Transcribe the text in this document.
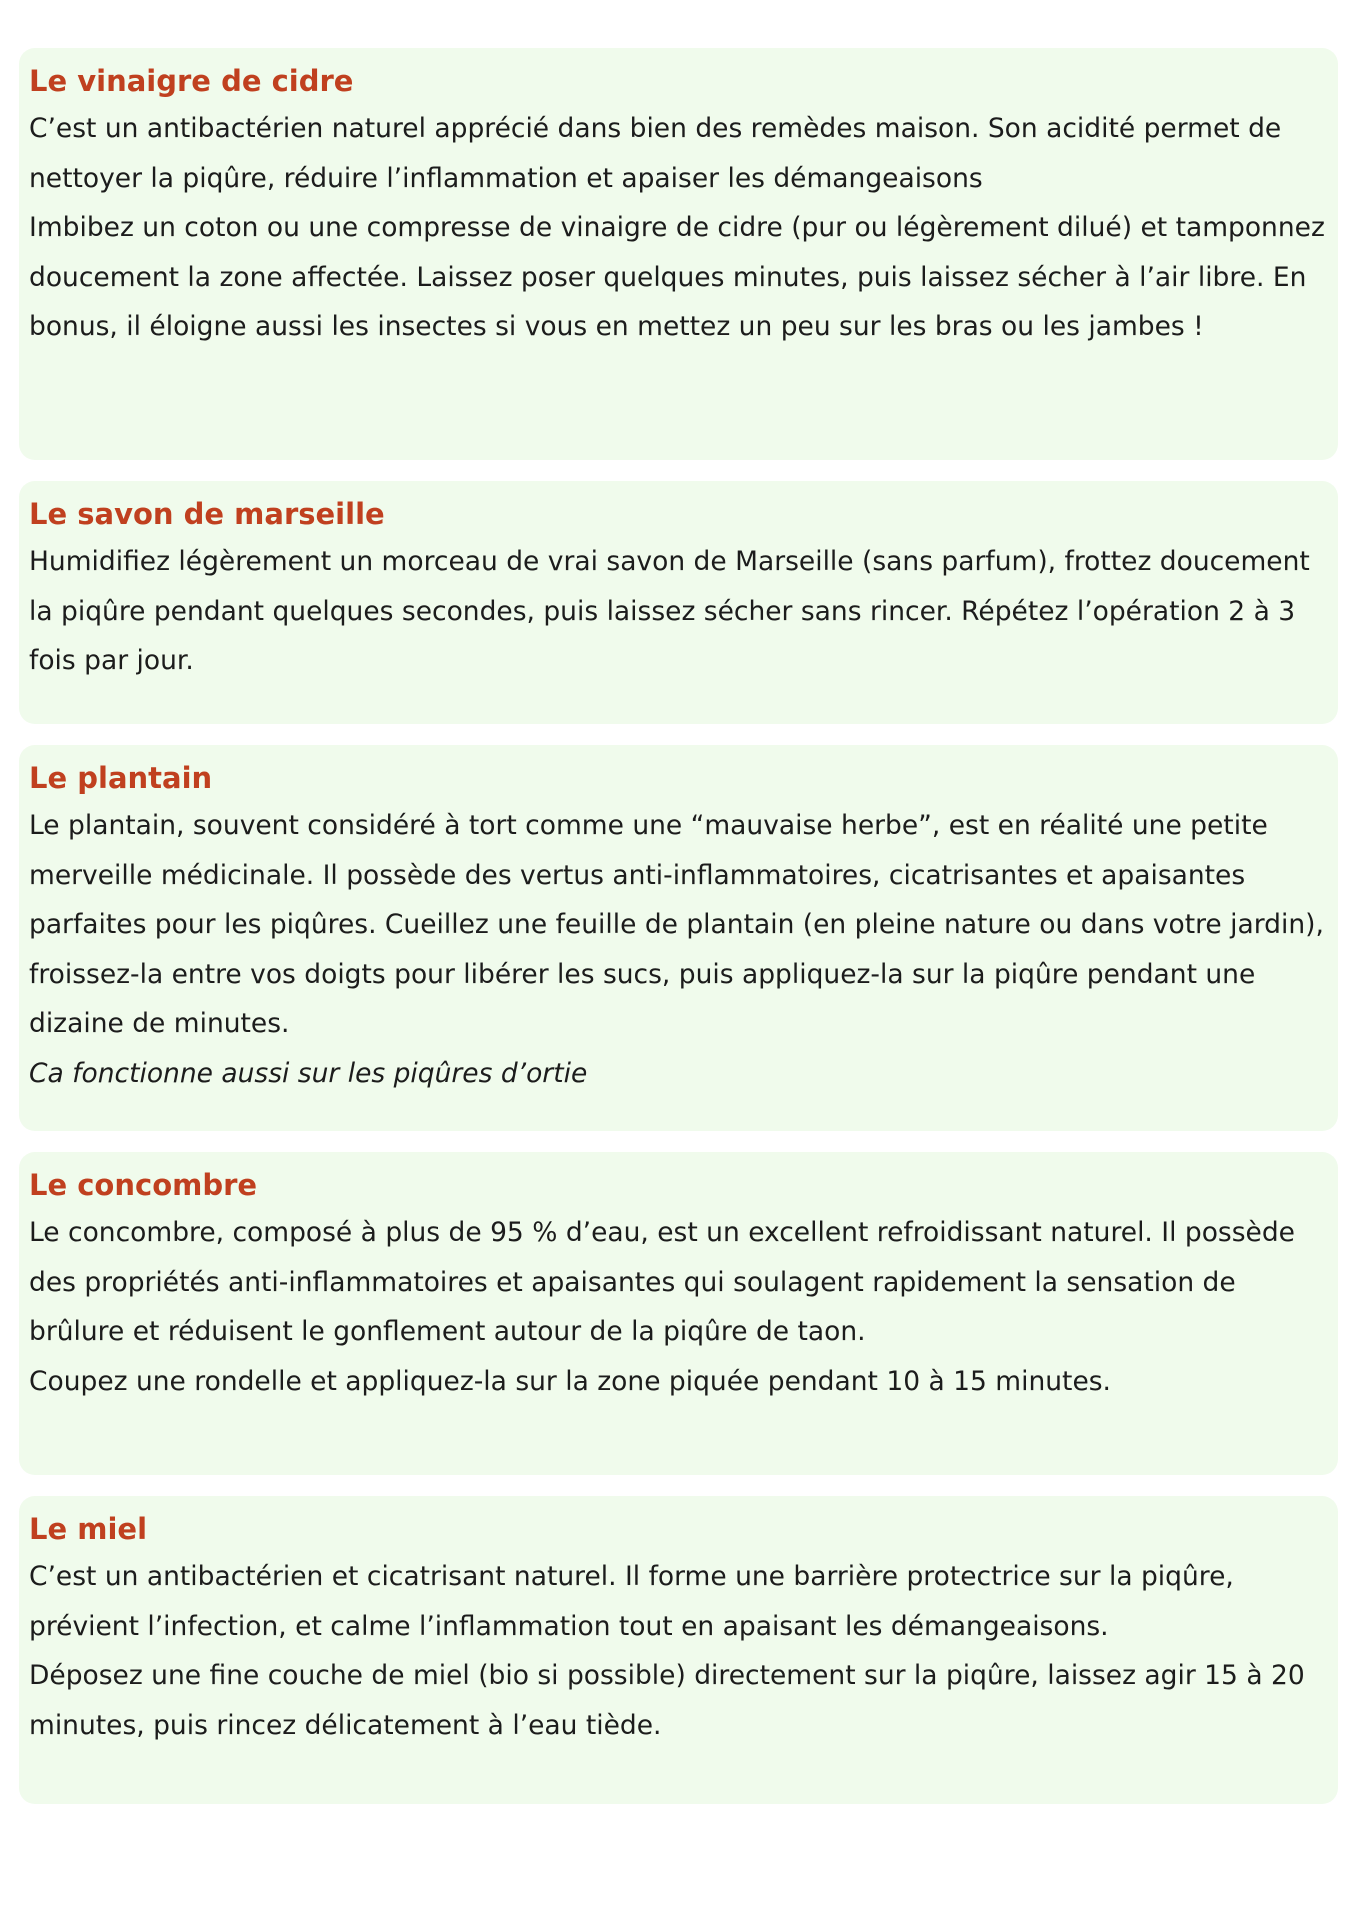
Le vinaigre de cidre

C’est un antibactérien naturel apprécié dans bien des remèdes maison. Son acidité permet de nettoyer la piqûre, réduire l’inflammation et apaiser les démangeaisons

Imbibez un coton ou une compresse de vinaigre de cidre (pur ou légèrement dilué) et tamponnez doucement la zone affectée. Laissez poser quelques minutes, puis laissez sécher à l’air libre. En bonus, il éloigne aussi les insectes si vous en mettez un peu sur les bras ou les jambes !

Le savon de marseille

Humidifiez légèrement un morceau de vrai savon de Marseille (sans parfum), frottez doucement la piqûre pendant quelques secondes, puis laissez sécher sans rincer. Répétez l’opération 2 à 3 fois par jour.

Le plantain

Le plantain, souvent considéré à tort comme une “mauvaise herbe”, est en réalité une petite merveille médicinale. Il possède des vertus anti-inflammatoires, cicatrisantes et apaisantes parfaites pour les piqûres. Cueillez une feuille de plantain (en pleine nature ou dans votre jardin), froissez-la entre vos doigts pour libérer les sucs, puis appliquez-la sur la piqûre pendant une dizaine de minutes.

Ca fonctionne aussi sur les piqûres d’ortie

Le concombre

Le concombre, composé à plus de 95 % d’eau, est un excellent refroidissant naturel. Il possède des propriétés anti-inflammatoires et apaisantes qui soulagent rapidement la sensation de brûlure et réduisent le gonflement autour de la piqûre de taon.

Coupez une rondelle et appliquez-la sur la zone piquée pendant 10 à 15 minutes.

Le miel

C’est un antibactérien et cicatrisant naturel. Il forme une barrière protectrice sur la piqûre, prévient l’infection, et calme l’inflammation tout en apaisant les démangeaisons.

Déposez une fine couche de miel (bio si possible) directement sur la piqûre, laissez agir 15 à 20 minutes, puis rincez délicatement à l’eau tiède.
